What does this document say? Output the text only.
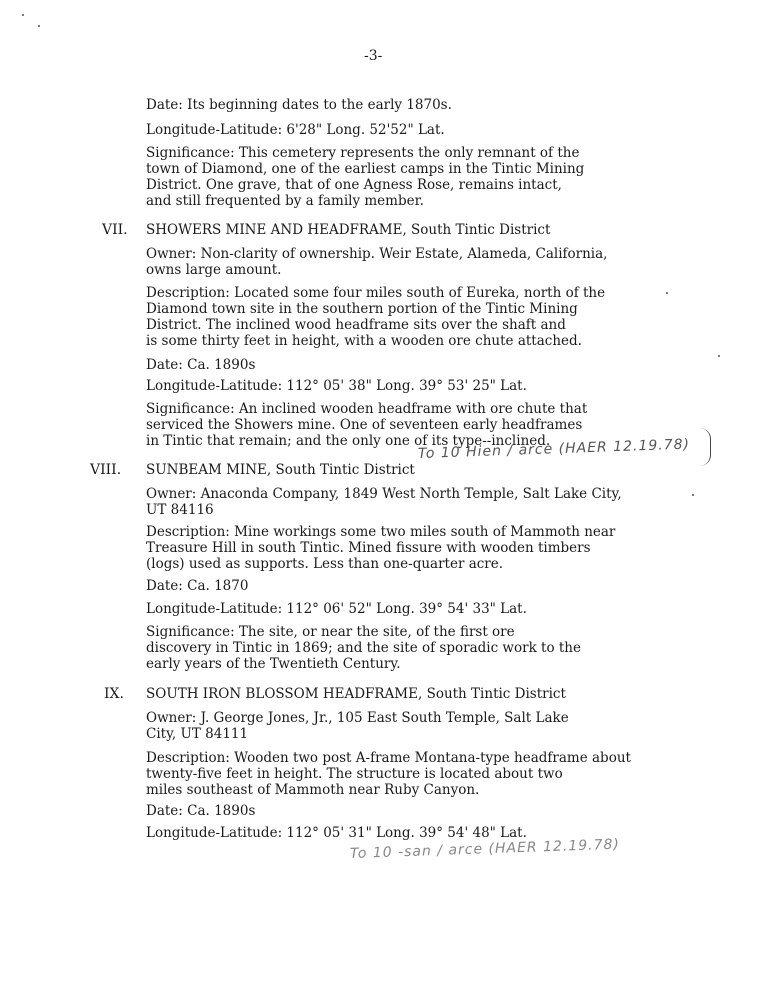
-3-

Date: Its beginning dates to the early 1870s.

Longitude-Latitude: 6'28" Long. 52'52" Lat.

Significance: This cemetery represents the only remnant of the
town of Diamond, one of the earliest camps in the Tintic Mining
District. One grave, that of one Agness Rose, remains intact,
and still frequented by a family member.

VII. SHOWERS MINE AND HEADFRAME, South Tintic District

Owner: Non-clarity of ownership. Weir Estate, Alameda, California,
owns large amount.

Description: Located some four miles south of Eureka, north of the
Diamond town site in the southern portion of the Tintic Mining
District. The inclined wood headframe sits over the shaft and
is some thirty feet in height, with a wooden ore chute attached.

Date: Ca. 1890s

Longitude-Latitude: 112° 05' 38" Long. 39° 53' 25" Lat.

Significance: An inclined wooden headframe with ore chute that
serviced the Showers mine. One of seventeen early headframes
in Tintic that remain; and the only one of its type--inclined.

To 10 Hien / arce (HAER 12.19.78)
VIII. SUNBEAM MINE, South Tintic District

Owner: Anaconda Company, 1849 West North Temple, Salt Lake City,
UT 84116

Description: Mine workings some two miles south of Mammoth near
Treasure Hill in south Tintic. Mined fissure with wooden timbers
(logs) used as supports. Less than one-quarter acre.

Date: Ca. 1870

Longitude-Latitude: 112° 06' 52" Long. 39° 54' 33" Lat.

Significance: The site, or near the site, of the first ore
discovery in Tintic in 1869; and the site of sporadic work to the
early years of the Twentieth Century.

IX. SOUTH IRON BLOSSOM HEADFRAME, South Tintic District

Owner: J. George Jones, Jr., 105 East South Temple, Salt Lake
City, UT 84111

Description: Wooden two post A-frame Montana-type headframe about
twenty-five feet in height. The structure is located about two
miles southeast of Mammoth near Ruby Canyon.

Date: Ca. 1890s

Longitude-Latitude: 112° 05' 31" Long. 39° 54' 48" Lat.

To 10 -san / arce (HAER 12.19.78)
